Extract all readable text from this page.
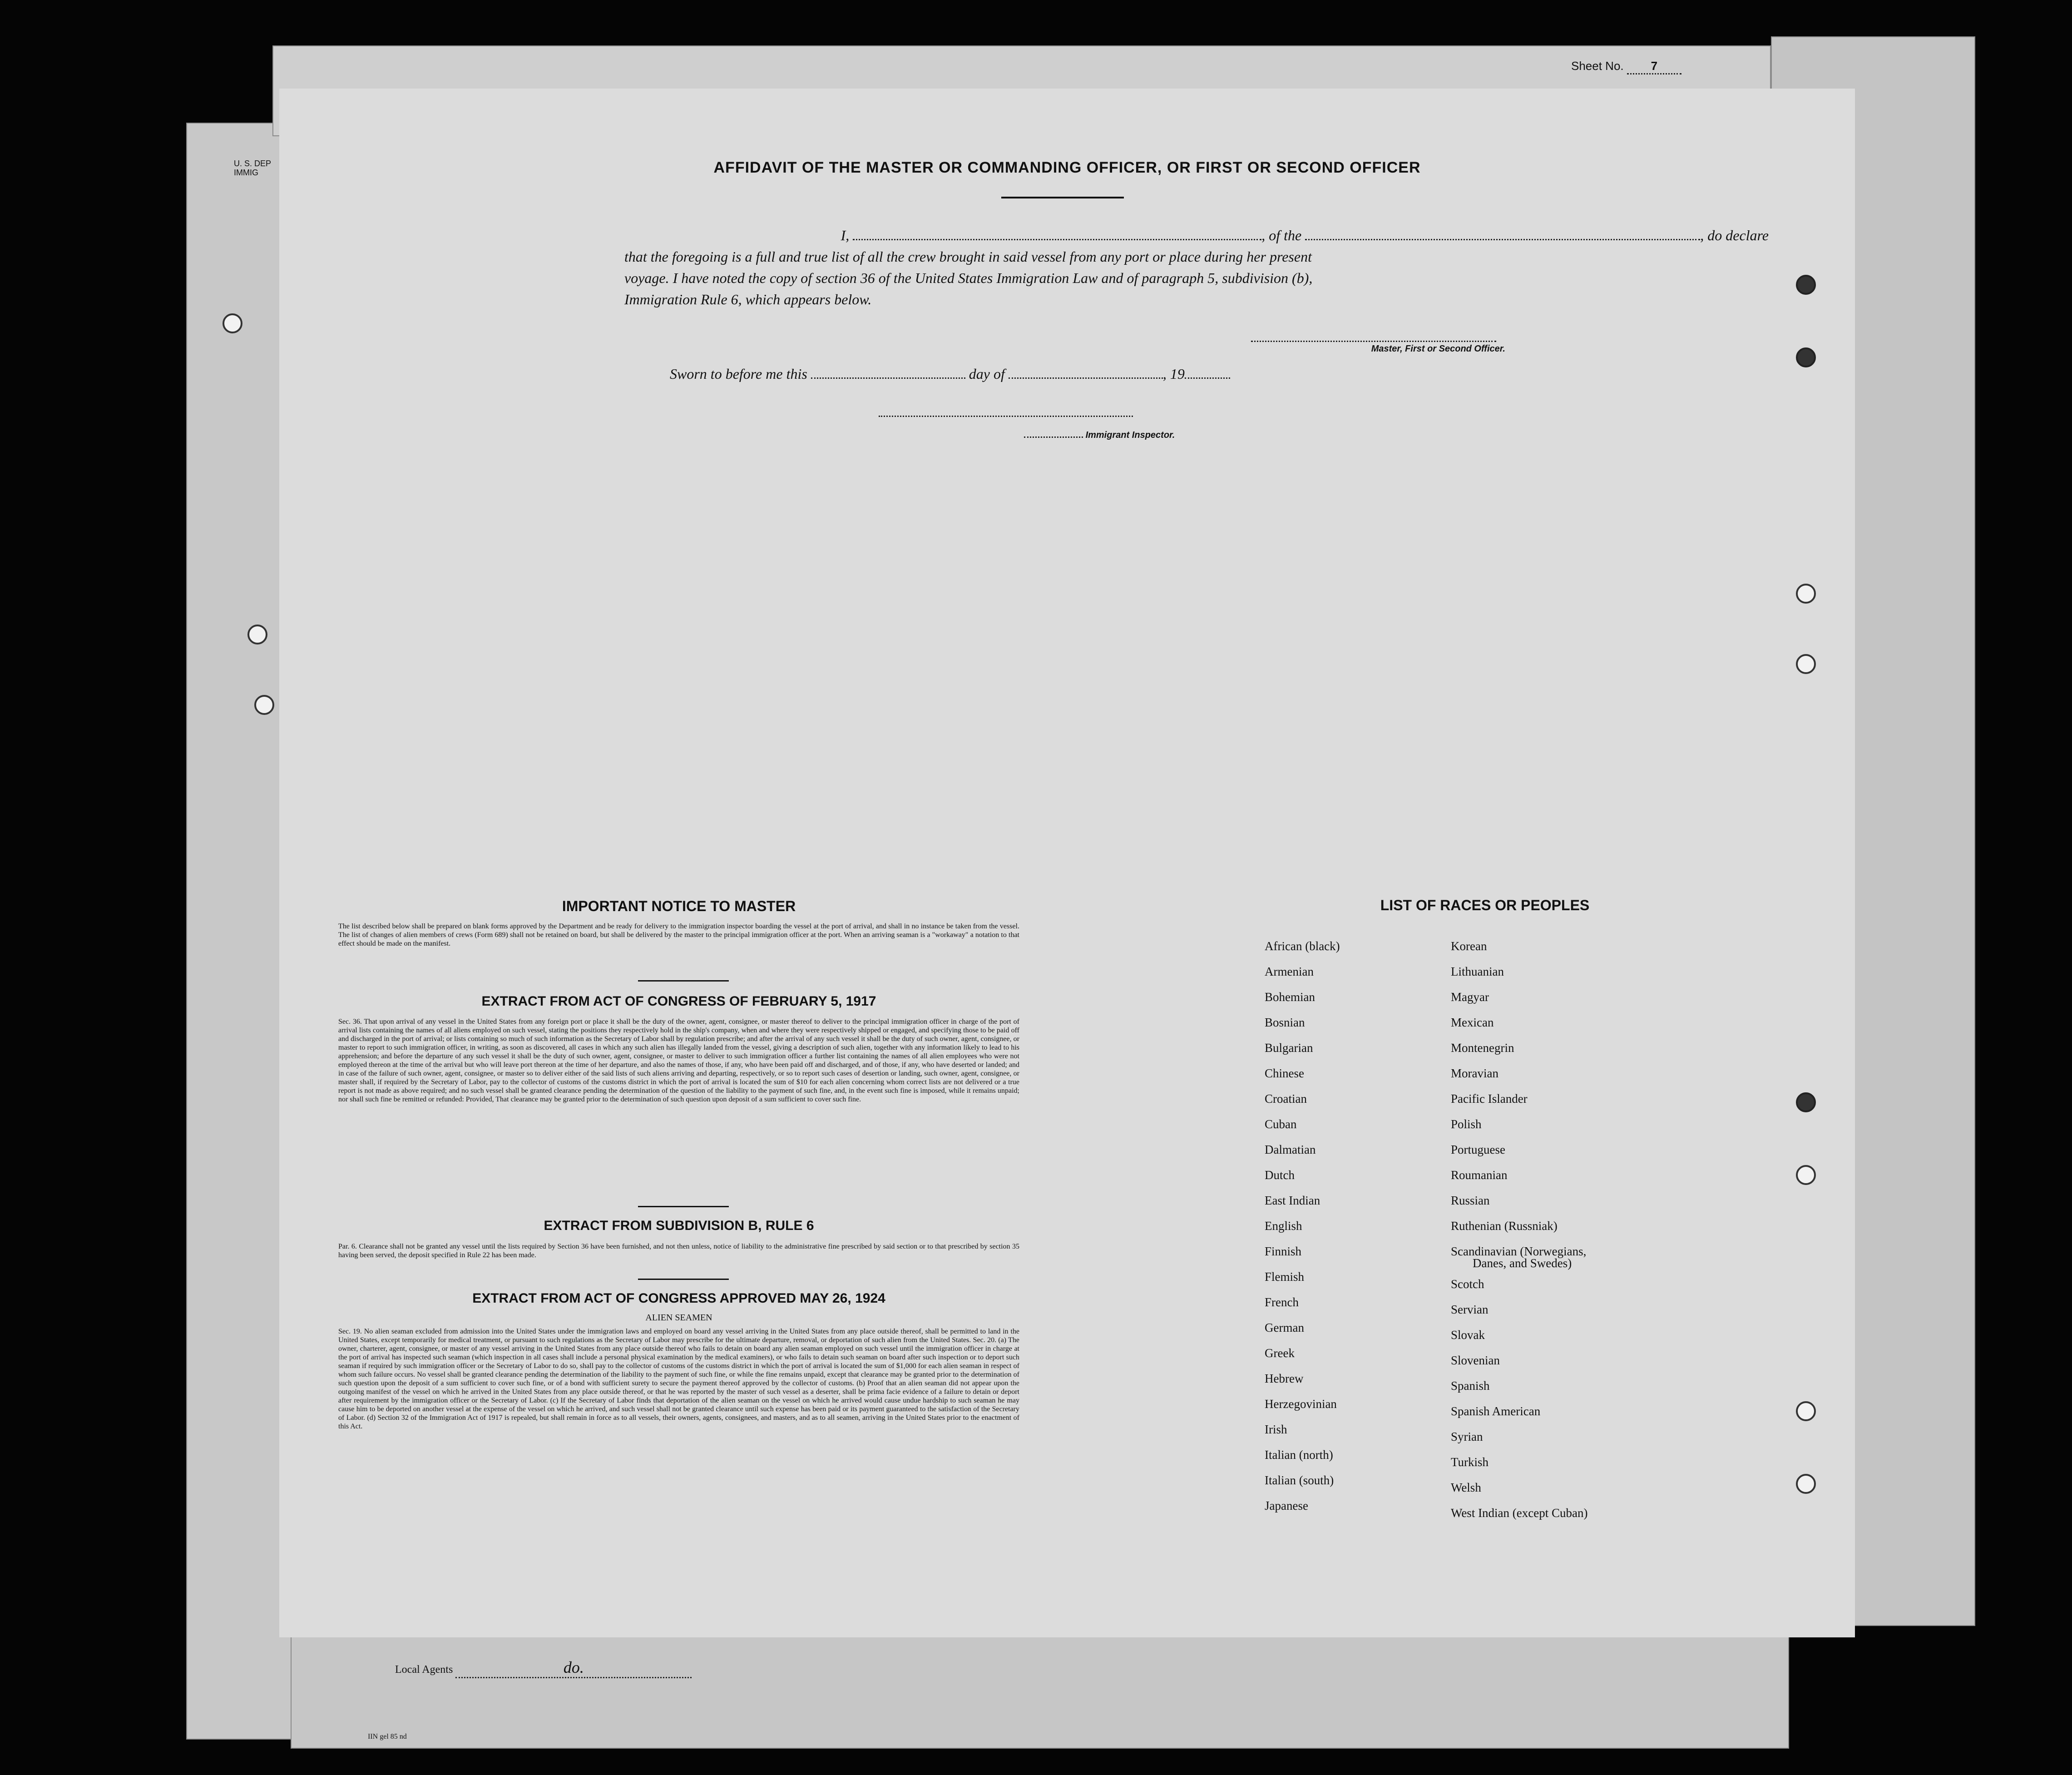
Sheet No. 7
U. S. DEP
IMMIG	AFFIDAVIT OF THE MASTER OR COMMANDING OFFICER, OR FIRST OR SECOND OFFICER
I,	, of the	, do declare
that the foregoing is a full and true list of all the crew brought in said vessel from any port or place during her present
voyage. I have noted the copy of section 36 of the United States Immigration Law and of paragraph 5, subdivision (b),
Immigration Rule 6, which appears below.
Master, First or Second Officer.
Sworn to before me this	day of	, 19
Immigrant Inspector.
IMPORTANT NOTICE TO MASTER
The list described below shall be prepared on blank forms approved by the Department and be ready for delivery to the immigration inspector boarding the vessel at the port of arrival, and shall in no instance be taken from the vessel. The list of changes of alien members of crews (Form 689) shall not be retained on board, but shall be delivered by the master to the principal immigration officer at the port. When an arriving seaman is a "workaway" a notation to that effect should be made on the manifest.
EXTRACT FROM ACT OF CONGRESS OF FEBRUARY 5, 1917
Sec. 36. That upon arrival of any vessel in the United States from any foreign port or place it shall be the duty of the owner, agent, consignee, or master thereof to deliver to the principal immigration officer in charge of the port of arrival lists containing the names of all aliens employed on such vessel, stating the positions they respectively hold in the ship's company, when and where they were respectively shipped or engaged, and specifying those to be paid off and discharged in the port of arrival; or lists containing so much of such information as the Secretary of Labor shall by regulation prescribe; and after the arrival of any such vessel it shall be the duty of such owner, agent, consignee, or master to report to such immigration officer, in writing, as soon as discovered, all cases in which any such alien has illegally landed from the vessel, giving a description of such alien, together with any information likely to lead to his apprehension; and before the departure of any such vessel it shall be the duty of such owner, agent, consignee, or master to deliver to such immigration officer a further list containing the names of all alien employees who were not employed thereon at the time of the arrival but who will leave port thereon at the time of her departure, and also the names of those, if any, who have been paid off and discharged, and of those, if any, who have deserted or landed; and in case of the failure of such owner, agent, consignee, or master so to deliver either of the said lists of such aliens arriving and departing, respectively, or so to report such cases of desertion or landing, such owner, agent, consignee, or master shall, if required by the Secretary of Labor, pay to the collector of customs of the customs district in which the port of arrival is located the sum of $10 for each alien concerning whom correct lists are not delivered or a true report is not made as above required; and no such vessel shall be granted clearance pending the determination of the question of the liability to the payment of such fine, and, in the event such fine is imposed, while it remains unpaid; nor shall such fine be remitted or refunded: Provided, That clearance may be granted prior to the determination of such question upon deposit of a sum sufficient to cover such fine.
EXTRACT FROM SUBDIVISION B, RULE 6
Par. 6. Clearance shall not be granted any vessel until the lists required by Section 36 have been furnished, and not then unless, notice of liability to the administrative fine prescribed by said section or to that prescribed by section 35 having been served, the deposit specified in Rule 22 has been made.
EXTRACT FROM ACT OF CONGRESS APPROVED MAY 26, 1924
ALIEN SEAMEN
Sec. 19. No alien seaman excluded from admission into the United States under the immigration laws and employed on board any vessel arriving in the United States from any place outside thereof, shall be permitted to land in the United States, except temporarily for medical treatment, or pursuant to such regulations as the Secretary of Labor may prescribe for the ultimate departure, removal, or deportation of such alien from the United States. Sec. 20. (a) The owner, charterer, agent, consignee, or master of any vessel arriving in the United States from any place outside thereof who fails to detain on board any alien seaman employed on such vessel until the immigration officer in charge at the port of arrival has inspected such seaman (which inspection in all cases shall include a personal physical examination by the medical examiners), or who fails to detain such seaman on board after such inspection or to deport such seaman if required by such immigration officer or the Secretary of Labor to do so, shall pay to the collector of customs of the customs district in which the port of arrival is located the sum of $1,000 for each alien seaman in respect of whom such failure occurs. No vessel shall be granted clearance pending the determination of the liability to the payment of such fine, or while the fine remains unpaid, except that clearance may be granted prior to the determination of such question upon the deposit of a sum sufficient to cover such fine, or of a bond with sufficient surety to secure the payment thereof approved by the collector of customs. (b) Proof that an alien seaman did not appear upon the outgoing manifest of the vessel on which he arrived in the United States from any place outside thereof, or that he was reported by the master of such vessel as a deserter, shall be prima facie evidence of a failure to detain or deport after requirement by the immigration officer or the Secretary of Labor. (c) If the Secretary of Labor finds that deportation of the alien seaman on the vessel on which he arrived would cause undue hardship to such seaman he may cause him to be deported on another vessel at the expense of the vessel on which he arrived, and such vessel shall not be granted clearance until such expense has been paid or its payment guaranteed to the satisfaction of the Secretary of Labor. (d) Section 32 of the Immigration Act of 1917 is repealed, but shall remain in force as to all vessels, their owners, agents, consignees, and masters, and as to all seamen, arriving in the United States prior to the enactment of this Act.
LIST OF RACES OR PEOPLES
African (black)
Armenian
Bohemian
Bosnian
Bulgarian
Chinese
Croatian
Cuban
Dalmatian
Dutch
East Indian
English
Finnish
Flemish
French
German
Greek
Hebrew
Herzegovinian
Irish
Italian (north)
Italian (south)
Japanese
Korean
Lithuanian
Magyar
Mexican
Montenegrin
Moravian
Pacific Islander
Polish
Portuguese
Roumanian
Russian
Ruthenian (Russniak)
Scandinavian (Norwegians,
Danes, and Swedes)
Scotch
Servian
Slovak
Slovenian
Spanish
Spanish American
Syrian
Turkish
Welsh
West Indian (except Cuban)
Local Agents	do.
IIN gel 85 nd
